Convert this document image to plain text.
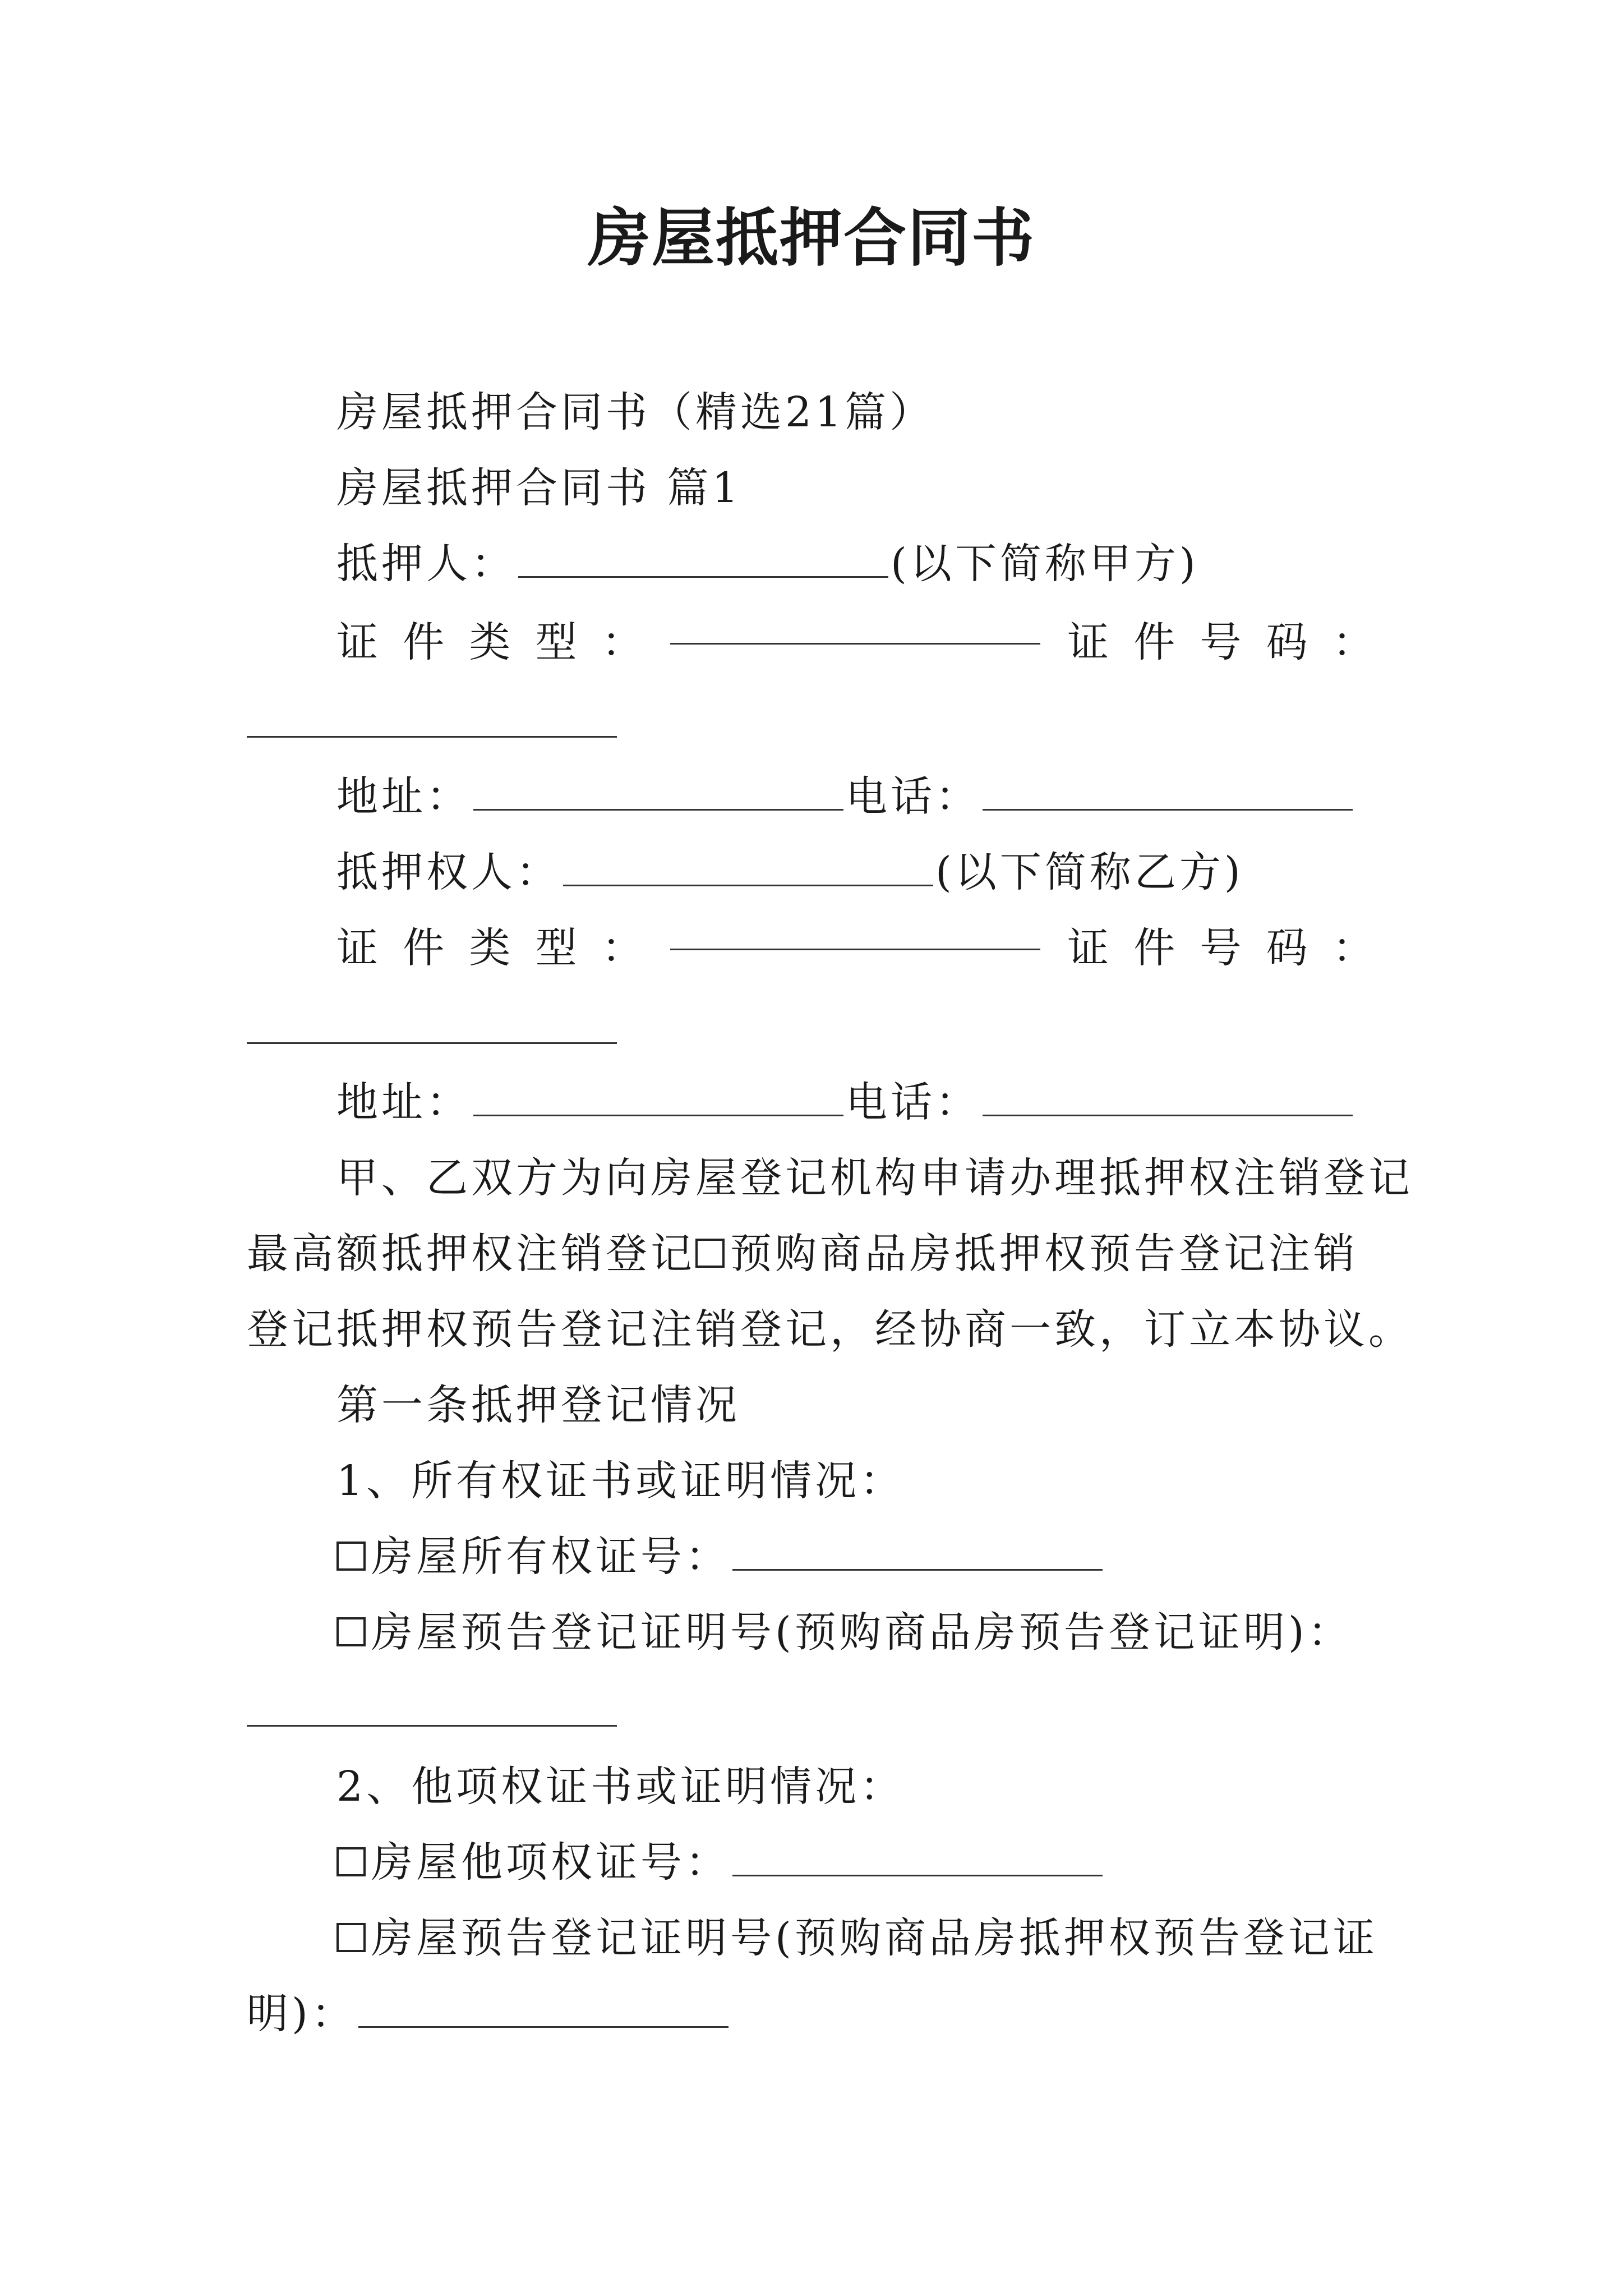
房屋抵押合同书
房屋抵押合同书（精选21篇）
房屋抵押合同书 篇1
抵押人：	(以下简称甲方)
证 件 类 型 ：	证 件 号 码 ：
地址：	电话：
抵押权人：	(以下简称乙方)
证 件 类 型 ：	证 件 号 码 ：
地址：	电话：
甲、乙双方为向房屋登记机构申请办理抵押权注销登记
最高额抵押权注销登记 预购商品房抵押权预告登记注销
登记抵押权预告登记注销登记，经协商一致，订立本协议。
第一条抵押登记情况
1、所有权证书或证明情况：
房屋所有权证号：
房屋预告登记证明号(预购商品房预告登记证明)：
2、他项权证书或证明情况：
房屋他项权证号：
房屋预告登记证明号(预购商品房抵押权预告登记证
明)：
